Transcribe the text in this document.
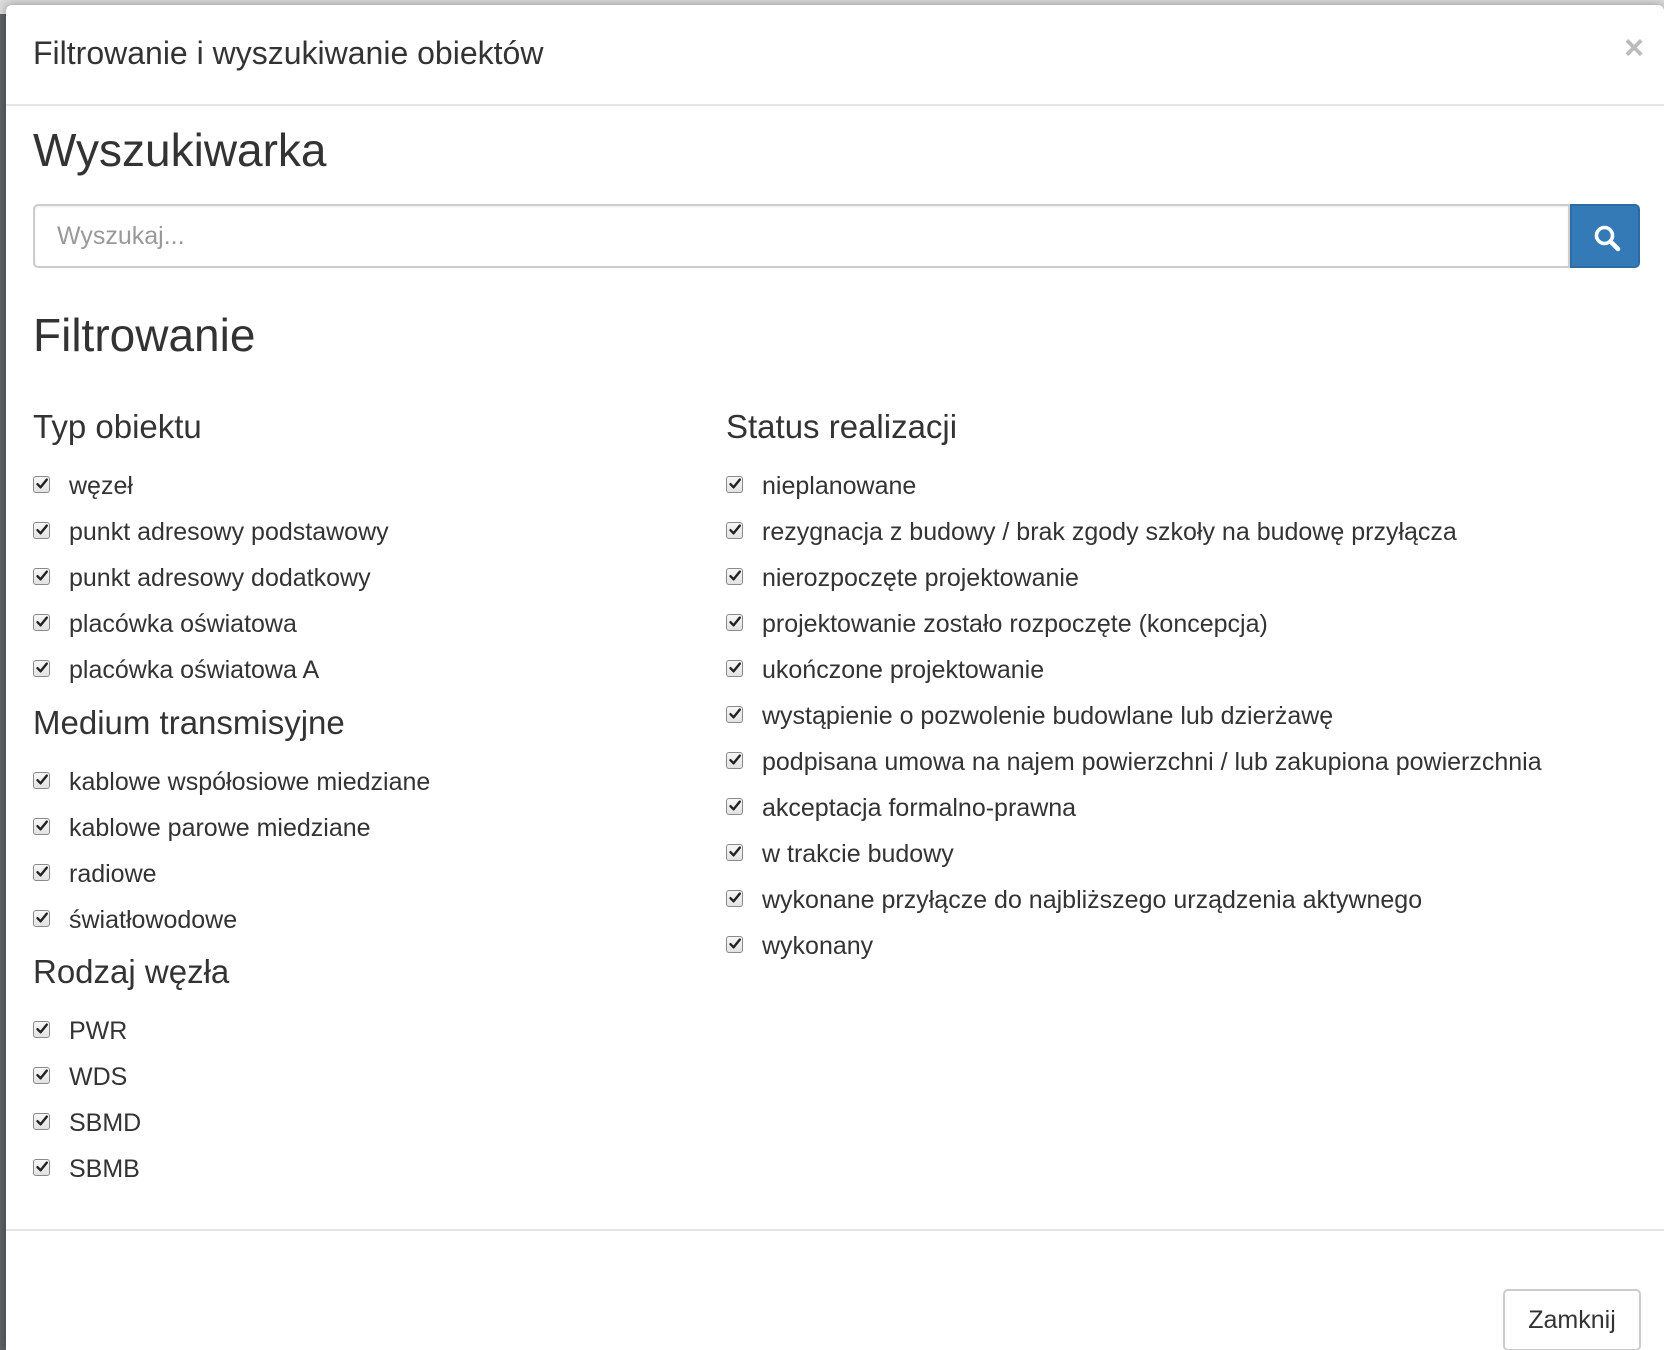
Filtrowanie i wyszukiwanie obiektów	×
Wyszukiwarka
Wyszukaj...
Filtrowanie
Typ obiektu
węzeł
punkt adresowy podstawowy
punkt adresowy dodatkowy
placówka oświatowa
placówka oświatowa A
Medium transmisyjne
kablowe współosiowe miedziane
kablowe parowe miedziane
radiowe
światłowodowe
Rodzaj węzła
PWR
WDS
SBMD
SBMB
Status realizacji
nieplanowane
rezygnacja z budowy / brak zgody szkoły na budowę przyłącza
nierozpoczęte projektowanie
projektowanie zostało rozpoczęte (koncepcja)
ukończone projektowanie
wystąpienie o pozwolenie budowlane lub dzierżawę
podpisana umowa na najem powierzchni / lub zakupiona powierzchnia
akceptacja formalno-prawna
w trakcie budowy
wykonane przyłącze do najbliższego urządzenia aktywnego
wykonany
Zamknij
